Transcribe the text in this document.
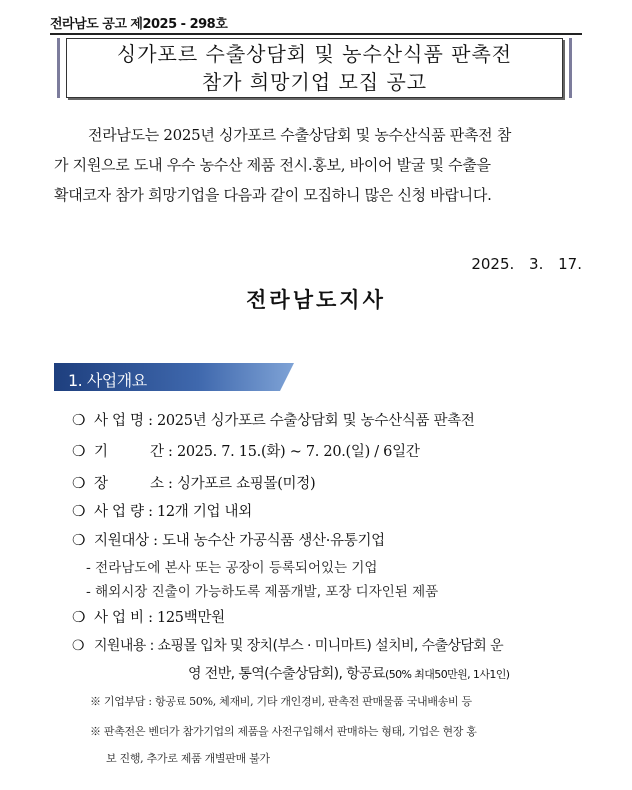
전라남도 공고 제2025 - 298호
싱가포르 수출상담회 및 농수산식품 판촉전
참가 희망기업 모집 공고
전라남도는 2025년 싱가포르 수출상담회 및 농수산식품 판촉전 참
가 지원으로 도내 우수 농수산 제품 전시.홍보, 바이어 발굴 및 수출을
확대코자 참가 희망기업을 다음과 같이 모집하니 많은 신청 바랍니다.
2025. 3. 17.
전라남도지사
1. 사업개요
❍ 사 업 명 : 2025년 싱가포르 수출상담회 및 농수산식품 판촉전
❍ 기 간 : 2025. 7. 15.(화) ~ 7. 20.(일) / 6일간
❍ 장 소 : 싱가포르 쇼핑몰(미정)
❍ 사 업 량 : 12개 기업 내외
❍ 지원대상 : 도내 농수산 가공식품 생산·유통기업
- 전라남도에 본사 또는 공장이 등록되어있는 기업
- 해외시장 진출이 가능하도록 제품개발, 포장 디자인된 제품
❍ 사 업 비 : 125백만원
❍ 지원내용 : 쇼핑몰 입차 및 장치(부스 · 미니마트) 설치비, 수출상담회 운
영 전반, 통역(수출상담회), 항공료(50% 최대50만원, 1사1인)
※ 기업부담 : 항공료 50%, 체재비, 기타 개인경비, 판촉전 판매물품 국내배송비 등
※ 판촉전은 벤더가 참가기업의 제품을 사전구입해서 판매하는 형태, 기업은 현장 홍
보 진행, 추가로 제품 개별판매 불가
